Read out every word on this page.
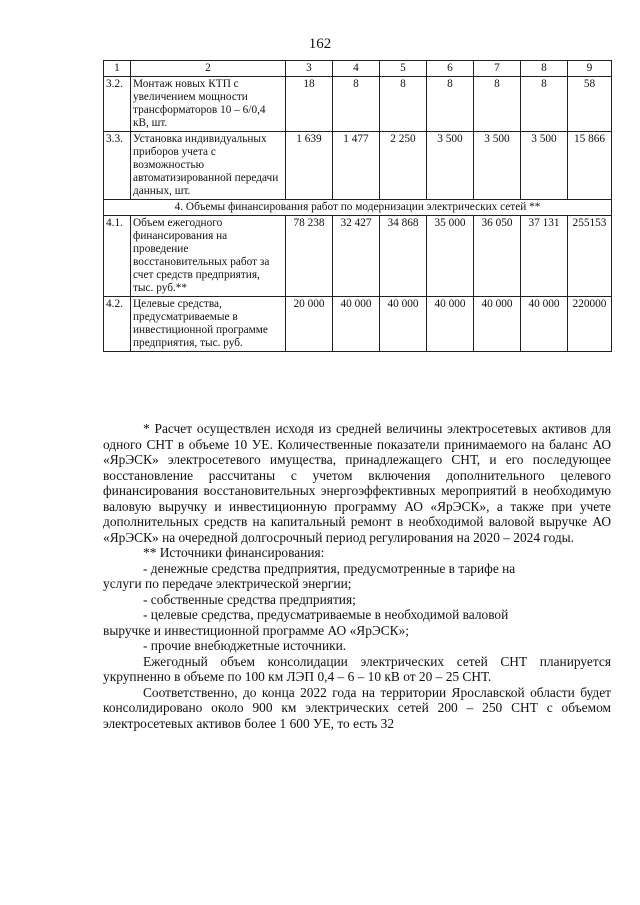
162
1	2	3	4	5	6	7	8	9
3.2.	Монтаж новых КТП с увеличением мощности трансформаторов 10 – 6/0,4 кВ, шт.	18	8	8	8	8	8	58
3.3.	Установка индивидуальных приборов учета с возможностью автоматизированной передачи данных, шт.	1 639	1 477	2 250	3 500	3 500	3 500	15 866
4. Объемы финансирования работ по модернизации электрических сетей **								
4.1.	Объем ежегодного финансирования на проведение восстановительных работ за счет средств предприятия, тыс. руб.**	78 238	32 427	34 868	35 000	36 050	37 131	255153
4.2.	Целевые средства, предусматриваемые в инвестиционной программе предприятия, тыс. руб.	20 000	40 000	40 000	40 000	40 000	40 000	220000

* Расчет осуществлен исходя из средней величины электросетевых активов для одного СНТ в объеме 10 УЕ. Количественные показатели принимаемого на баланс АО «ЯрЭСК» электросетевого имущества, принадлежащего СНТ, и его последующее восстановление рассчитаны с учетом включения дополнительного целевого финансирования восстановительных энергоэффективных мероприятий в необходимую валовую выручку и инвестиционную программу АО «ЯрЭСК», а также при учете дополнительных средств на капитальный ремонт в необходимой валовой выручке АО «ЯрЭСК» на очередной долгосрочный период регулирования на 2020 – 2024 годы.

** Источники финансирования:

- денежные средства предприятия, предусмотренные в тарифе на

услуги по передаче электрической энергии;

- собственные средства предприятия;

- целевые средства, предусматриваемые в необходимой валовой

выручке и инвестиционной программе АО «ЯрЭСК»;

- прочие внебюджетные источники.

Ежегодный объем консолидации электрических сетей СНТ планируется укрупненно в объеме по 100 км ЛЭП 0,4 – 6 – 10 кВ от 20 – 25 СНТ.

Соответственно, до конца 2022 года на территории Ярославской области будет консолидировано около 900 км электрических сетей 200 – 250 СНТ с объемом электросетевых активов более 1 600 УЕ, то есть 32
